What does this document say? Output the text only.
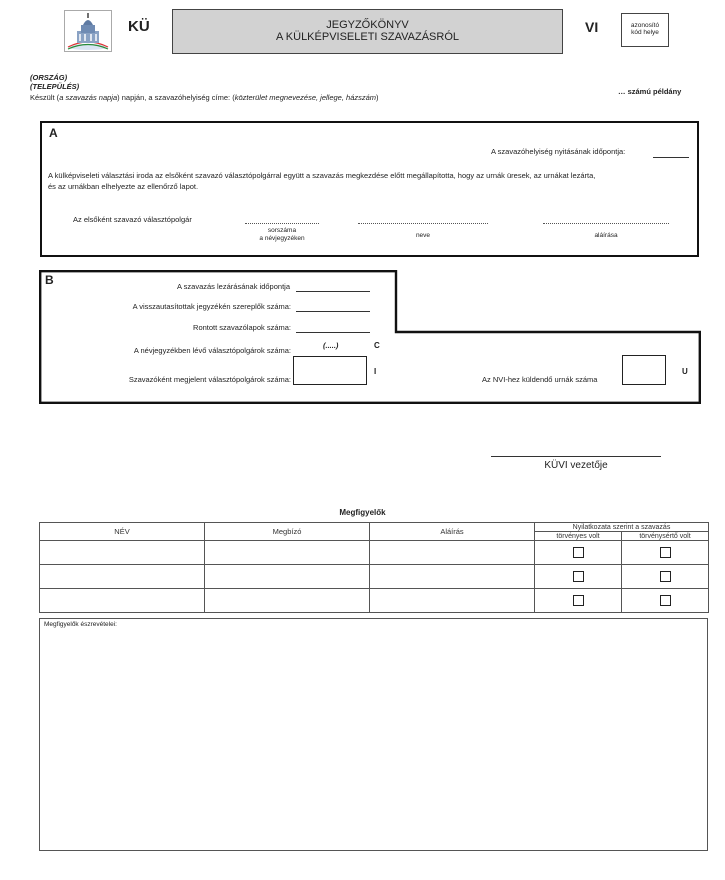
KÜ	JEGYZŐKÖNYV
A KÜLKÉPVISELETI SZAVAZÁSRÓL
VI	azonosító
kód helye
(ORSZÁG)
(TELEPÜLÉS)
Készült (a szavazás napja) napján, a szavazóhelyiség címe: (közterület megnevezése, jellege, házszám)
… számú példány
A
A szavazóhelyiség nyitásának időpontja:
A külképviseleti választási iroda az elsőként szavazó választópolgárral együtt a szavazás megkezdése előtt megállapította, hogy az urnák üresek, az urnákat lezárta,
és az urnákban elhelyezte az ellenőrző lapot.
Az elsőként szavazó választópolgár
sorszáma
a névjegyzéken	neve	aláírása
B	A szavazás lezárásának időpontja
A visszautasítottak jegyzékén szereplők száma:
Rontott szavazólapok száma:
A névjegyzékben lévő választópolgárok száma:
(.....)	C
Szavazóként megjelent választópolgárok száma:
I
Az NVI-hez küldendő urnák száma
U
KÜVI vezetője
Megfigyelők
NÉV	Megbízó	Aláírás	Nyilatkozata szerint a szavazás	
			törvényes volt	törvénysértő volt

Megfigyelők észrevételei:
